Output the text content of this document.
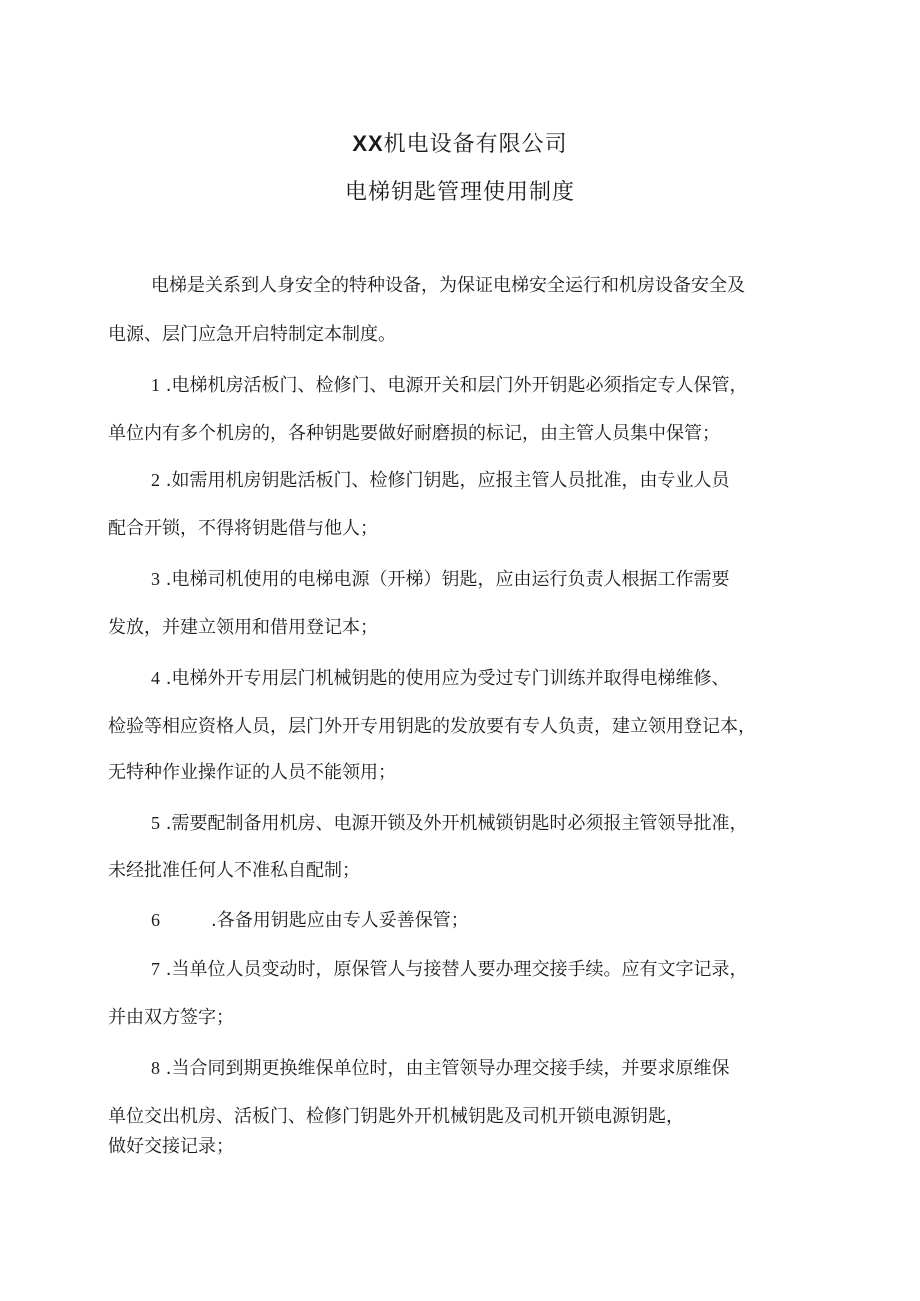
XX机电设备有限公司
电梯钥匙管理使用制度
电梯是关系到人身安全的特种设备，为保证电梯安全运行和机房设备安全及
电源、层门应急开启特制定本制度。
1 .电梯机房活板门、检修门、电源开关和层门外开钥匙必须指定专人保管，
单位内有多个机房的，各种钥匙要做好耐磨损的标记，由主管人员集中保管；
2 .如需用机房钥匙活板门、检修门钥匙，应报主管人员批准，由专业人员
配合开锁，不得将钥匙借与他人；
3 .电梯司机使用的电梯电源（开梯）钥匙，应由运行负责人根据工作需要
发放，并建立领用和借用登记本；
4 .电梯外开专用层门机械钥匙的使用应为受过专门训练并取得电梯维修、
检验等相应资格人员，层门外开专用钥匙的发放要有专人负责，建立领用登记本，
无特种作业操作证的人员不能领用；
5 .需要配制备用机房、电源开锁及外开机械锁钥匙时必须报主管领导批准，
未经批准任何人不准私自配制；
6	.各备用钥匙应由专人妥善保管；
7 .当单位人员变动时，原保管人与接替人要办理交接手续。应有文字记录，
并由双方签字；
8 .当合同到期更换维保单位时，由主管领导办理交接手续，并要求原维保
单位交出机房、活板门、检修门钥匙外开机械钥匙及司机开锁电源钥匙，
做好交接记录；
